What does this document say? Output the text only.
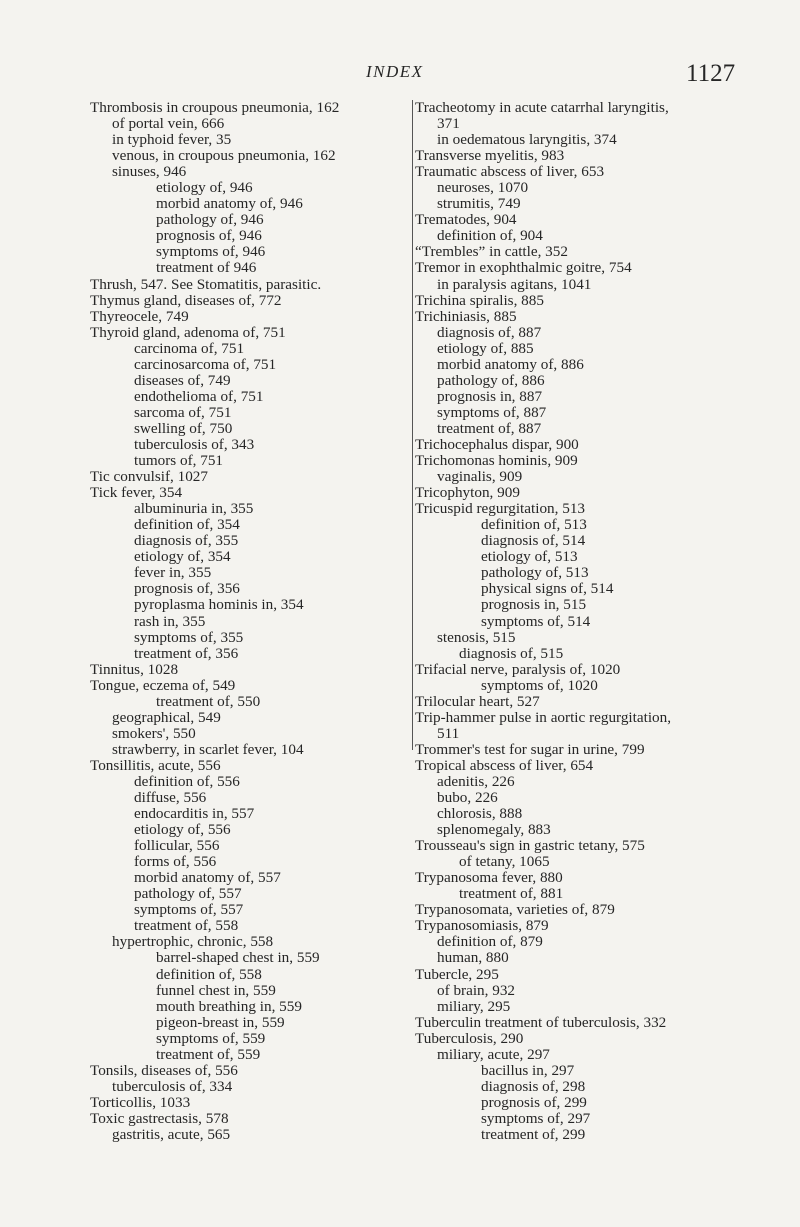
INDEX	1127
Thrombosis in croupous pneumonia, 162
of portal vein, 666
in typhoid fever, 35
venous, in croupous pneumonia, 162
sinuses, 946
etiology of, 946
morbid anatomy of, 946
pathology of, 946
prognosis of, 946
symptoms of, 946
treatment of 946
Thrush, 547. See Stomatitis, parasitic.
Thymus gland, diseases of, 772
Thyreocele, 749
Thyroid gland, adenoma of, 751
carcinoma of, 751
carcinosarcoma of, 751
diseases of, 749
endothelioma of, 751
sarcoma of, 751
swelling of, 750
tuberculosis of, 343
tumors of, 751
Tic convulsif, 1027
Tick fever, 354
albuminuria in, 355
definition of, 354
diagnosis of, 355
etiology of, 354
fever in, 355
prognosis of, 356
pyroplasma hominis in, 354
rash in, 355
symptoms of, 355
treatment of, 356
Tinnitus, 1028
Tongue, eczema of, 549
treatment of, 550
geographical, 549
smokers', 550
strawberry, in scarlet fever, 104
Tonsillitis, acute, 556
definition of, 556
diffuse, 556
endocarditis in, 557
etiology of, 556
follicular, 556
forms of, 556
morbid anatomy of, 557
pathology of, 557
symptoms of, 557
treatment of, 558
hypertrophic, chronic, 558
barrel-shaped chest in, 559
definition of, 558
funnel chest in, 559
mouth breathing in, 559
pigeon-breast in, 559
symptoms of, 559
treatment of, 559
Tonsils, diseases of, 556
tuberculosis of, 334
Torticollis, 1033
Toxic gastrectasis, 578
gastritis, acute, 565
Tracheotomy in acute catarrhal laryngitis,
371
in oedematous laryngitis, 374
Transverse myelitis, 983
Traumatic abscess of liver, 653
neuroses, 1070
strumitis, 749
Trematodes, 904
definition of, 904
“Trembles” in cattle, 352
Tremor in exophthalmic goitre, 754
in paralysis agitans, 1041
Trichina spiralis, 885
Trichiniasis, 885
diagnosis of, 887
etiology of, 885
morbid anatomy of, 886
pathology of, 886
prognosis in, 887
symptoms of, 887
treatment of, 887
Trichocephalus dispar, 900
Trichomonas hominis, 909
vaginalis, 909
Tricophyton, 909
Tricuspid regurgitation, 513
definition of, 513
diagnosis of, 514
etiology of, 513
pathology of, 513
physical signs of, 514
prognosis in, 515
symptoms of, 514
stenosis, 515
diagnosis of, 515
Trifacial nerve, paralysis of, 1020
symptoms of, 1020
Trilocular heart, 527
Trip-hammer pulse in aortic regurgitation,
511
Trommer's test for sugar in urine, 799
Tropical abscess of liver, 654
adenitis, 226
bubo, 226
chlorosis, 888
splenomegaly, 883
Trousseau's sign in gastric tetany, 575
of tetany, 1065
Trypanosoma fever, 880
treatment of, 881
Trypanosomata, varieties of, 879
Trypanosomiasis, 879
definition of, 879
human, 880
Tubercle, 295
of brain, 932
miliary, 295
Tuberculin treatment of tuberculosis, 332
Tuberculosis, 290
miliary, acute, 297
bacillus in, 297
diagnosis of, 298
prognosis of, 299
symptoms of, 297
treatment of, 299
